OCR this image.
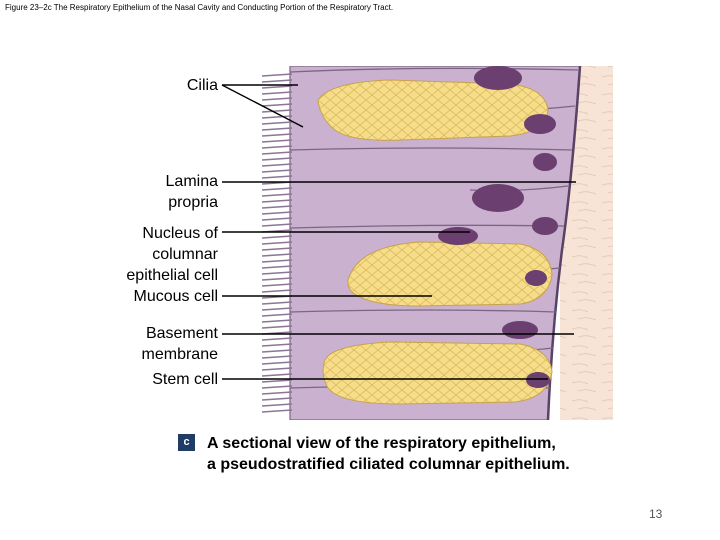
Figure 23–2c The Respiratory Epithelium of the Nasal Cavity and Conducting Portion of the Respiratory Tract.
Cilia
Lamina
propria
Nucleus of
columnar
epithelial cell
Mucous cell
Basement
membrane
Stem cell
c	A sectional view of the respiratory epithelium,
a pseudostratified ciliated columnar epithelium.
13
